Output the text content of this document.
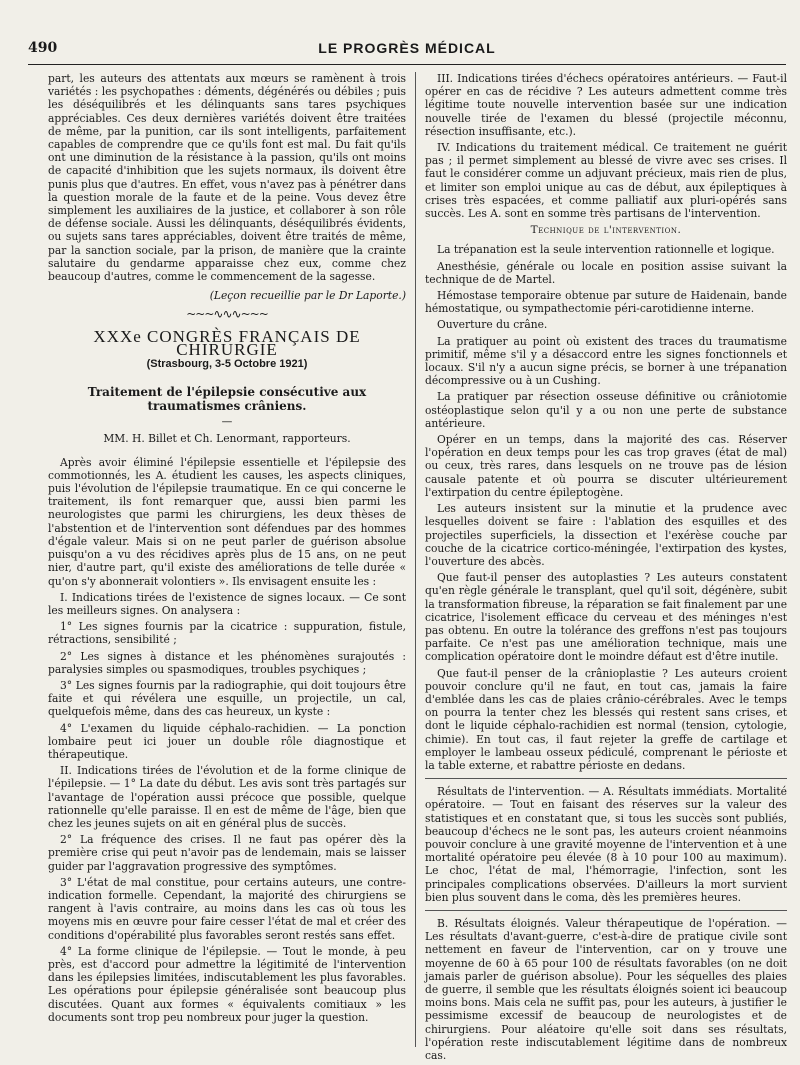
490	LE PROGRÈS MÉDICAL

part, les auteurs des attentats aux mœurs se ramènent à trois variétés : les psychopathes : déments, dégénérés ou débiles ; puis les déséquilibrés et les délinquants sans tares psychiques appréciables. Ces deux dernières variétés doivent être traitées de même, par la punition, car ils sont intelligents, parfaitement capables de comprendre que ce qu'ils font est mal. Du fait qu'ils ont une diminution de la résistance à la passion, qu'ils ont moins de capacité d'inhibition que les sujets normaux, ils doivent être punis plus que d'autres. En effet, vous n'avez pas à pénétrer dans la question morale de la faute et de la peine. Vous devez être simplement les auxiliaires de la justice, et collaborer à son rôle de défense sociale. Aussi les délinquants, déséquilibrés évidents, ou sujets sans tares appréciables, doivent être traités de même, par la sanction sociale, par la prison, de manière que la crainte salutaire du gendarme apparaisse chez eux, comme chez beaucoup d'autres, comme le commencement de la sagesse.

(Leçon recueillie par le Dr Laporte.)
~~~∿∿∿~~~
XXXe CONGRÈS FRANÇAIS DE CHIRURGIE
(Strasbourg, 3-5 Octobre 1921)
Traitement de l'épilepsie consécutive aux traumatismes crâniens.
—
MM. H. Billet et Ch. Lenormant, rapporteurs.

Après avoir éliminé l'épilepsie essentielle et l'épilepsie des commotionnés, les A. étudient les causes, les aspects cliniques, puis l'évolution de l'épilepsie traumatique. En ce qui concerne le traitement, ils font remarquer que, aussi bien parmi les neurologistes que parmi les chirurgiens, les deux thèses de l'abstention et de l'intervention sont défendues par des hommes d'égale valeur. Mais si on ne peut parler de guérison absolue puisqu'on a vu des récidives après plus de 15 ans, on ne peut nier, d'autre part, qu'il existe des améliorations de telle durée « qu'on s'y abonnerait volontiers ». Ils envisagent ensuite les :

I. Indications tirées de l'existence de signes locaux. — Ce sont les meilleurs signes. On analysera :

1° Les signes fournis par la cicatrice : suppuration, fistule, rétractions, sensibilité ;

2° Les signes à distance et les phénomènes surajoutés : paralysies simples ou spasmodiques, troubles psychiques ;

3° Les signes fournis par la radiographie, qui doit toujours être faite et qui révélera une esquille, un projectile, un cal, quelquefois même, dans des cas heureux, un kyste :

4° L'examen du liquide céphalo-rachidien. — La ponction lombaire peut ici jouer un double rôle diagnostique et thérapeutique.

II. Indications tirées de l'évolution et de la forme clinique de l'épilepsie. — 1° La date du début. Les avis sont très partagés sur l'avantage de l'opération aussi précoce que possible, quelque rationnelle qu'elle paraisse. Il en est de même de l'âge, bien que chez les jeunes sujets on ait en général plus de succès.

2° La fréquence des crises. Il ne faut pas opérer dès la première crise qui peut n'avoir pas de lendemain, mais se laisser guider par l'aggravation progressive des symptômes.

3° L'état de mal constitue, pour certains auteurs, une contre-indication formelle. Cependant, la majorité des chirurgiens se rangent à l'avis contraire, au moins dans les cas où tous les moyens mis en œuvre pour faire cesser l'état de mal et créer des conditions d'opérabilité plus favorables seront restés sans effet.

4° La forme clinique de l'épilepsie. — Tout le monde, à peu près, est d'accord pour admettre la légitimité de l'intervention dans les épilepsies limitées, indiscutablement les plus favorables. Les opérations pour épilepsie généralisée sont beaucoup plus discutées. Quant aux formes « équivalents comitiaux » les documents sont trop peu nombreux pour juger la question.

III. Indications tirées d'échecs opératoires antérieurs. — Faut-il opérer en cas de récidive ? Les auteurs admettent comme très légitime toute nouvelle intervention basée sur une indication nouvelle tirée de l'examen du blessé (projectile méconnu, résection insuffisante, etc.).

IV. Indications du traitement médical. Ce traitement ne guérit pas ; il permet simplement au blessé de vivre avec ses crises. Il faut le considérer comme un adjuvant précieux, mais rien de plus, et limiter son emploi unique au cas de début, aux épileptiques à crises très espacées, et comme palliatif aux pluri-opérés sans succès. Les A. sont en somme très partisans de l'intervention.

Technique de l'intervention.

La trépanation est la seule intervention rationnelle et logique.

Anesthésie, générale ou locale en position assise suivant la technique de de Martel.

Hémostase temporaire obtenue par suture de Haidenain, bande hémostatique, ou sympathectomie péri-carotidienne interne.

Ouverture du crâne.

La pratiquer au point où existent des traces du traumatisme primitif, même s'il y a désaccord entre les signes fonctionnels et locaux. S'il n'y a aucun signe précis, se borner à une trépanation décompressive ou à un Cushing.

La pratiquer par résection osseuse définitive ou crâniotomie ostéoplastique selon qu'il y a ou non une perte de substance antérieure.

Opérer en un temps, dans la majorité des cas. Réserver l'opération en deux temps pour les cas trop graves (état de mal) ou ceux, très rares, dans lesquels on ne trouve pas de lésion causale patente et où pourra se discuter ultérieurement l'extirpation du centre épileptogène.

Les auteurs insistent sur la minutie et la prudence avec lesquelles doivent se faire : l'ablation des esquilles et des projectiles superficiels, la dissection et l'exérèse couche par couche de la cicatrice cortico-méningée, l'extirpation des kystes, l'ouverture des abcès.

Que faut-il penser des autoplasties ? Les auteurs constatent qu'en règle générale le transplant, quel qu'il soit, dégénère, subit la transformation fibreuse, la réparation se fait finalement par une cicatrice, l'isolement efficace du cerveau et des méninges n'est pas obtenu. En outre la tolérance des greffons n'est pas toujours parfaite. Ce n'est pas une amélioration technique, mais une complication opératoire dont le moindre défaut est d'être inutile.

Que faut-il penser de la crânioplastie ? Les auteurs croient pouvoir conclure qu'il ne faut, en tout cas, jamais la faire d'emblée dans les cas de plaies crânio-cérébrales. Avec le temps on pourra la tenter chez les blessés qui restent sans crises, et dont le liquide céphalo-rachidien est normal (tension, cytologie, chimie). En tout cas, il faut rejeter la greffe de cartilage et employer le lambeau osseux pédiculé, comprenant le périoste et la table externe, et rabattre périoste en dedans.

Résultats de l'intervention. — A. Résultats immédiats. Mortalité opératoire. — Tout en faisant des réserves sur la valeur des statistiques et en constatant que, si tous les succès sont publiés, beaucoup d'échecs ne le sont pas, les auteurs croient néanmoins pouvoir conclure à une gravité moyenne de l'intervention et à une mortalité opératoire peu élevée (8 à 10 pour 100 au maximum). Le choc, l'état de mal, l'hémorragie, l'infection, sont les principales complications observées. D'ailleurs la mort survient bien plus souvent dans le coma, dès les premières heures.

B. Résultats éloignés. Valeur thérapeutique de l'opération. — Les résultats d'avant-guerre, c'est-à-dire de pratique civile sont nettement en faveur de l'intervention, car on y trouve une moyenne de 60 à 65 pour 100 de résultats favorables (on ne doit jamais parler de guérison absolue). Pour les séquelles des plaies de guerre, il semble que les résultats éloignés soient ici beaucoup moins bons. Mais cela ne suffit pas, pour les auteurs, à justifier le pessimisme excessif de beaucoup de neurologistes et de chirurgiens. Pour aléatoire qu'elle soit dans ses résultats, l'opération reste indiscutablement légitime dans de nombreux cas.
